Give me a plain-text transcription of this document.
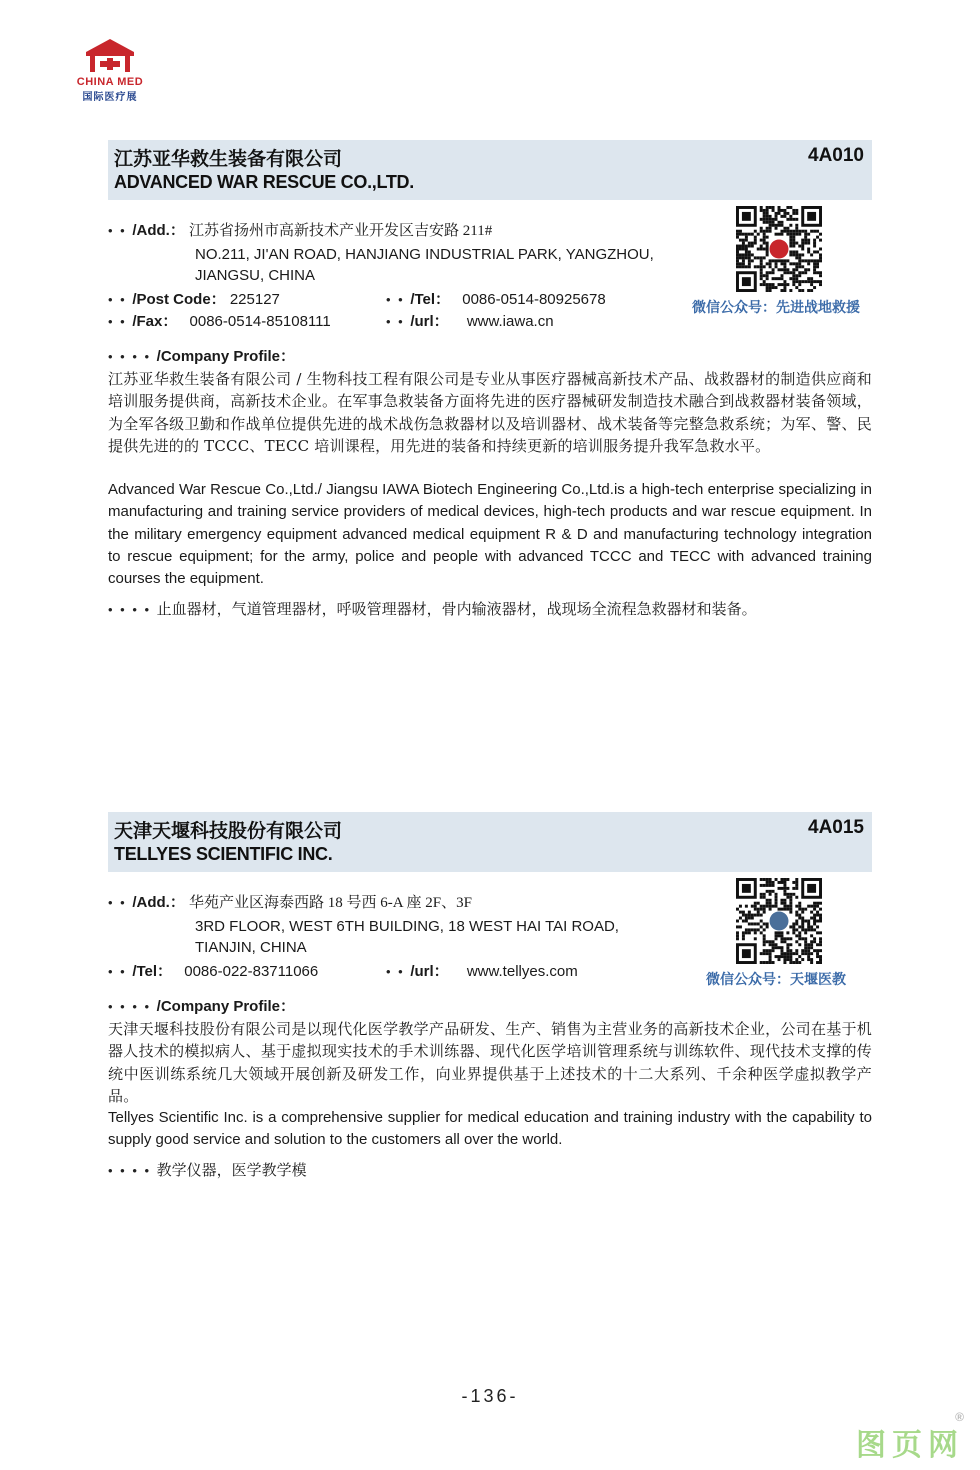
CHINA MED
国际医疗展
江苏亚华救生装备有限公司
ADVANCED WAR RESCUE CO.,LTD.
4A010
• • /Add.： 江苏省扬州市高新技术产业开发区吉安路 211#
NO.211, JI'AN ROAD, HANJIANG INDUSTRIAL PARK, YANGZHOU,
JIANGSU, CHINA
• • /Post Code： 225127	• • /Tel： 0086-0514-80925678
• • /Fax： 0086-0514-85108111	• • /url： www.iawa.cn
微信公众号：先进战地救援
• • • • /Company Profile：
江苏亚华救生装备有限公司 / 生物科技工程有限公司是专业从事医疗器械高新技术产品、战救器材的制造供应商和培训服务提供商，高新技术企业。在军事急救装备方面将先进的医疗器械研发制造技术融合到战救器材装备领域，为全军各级卫勤和作战单位提供先进的战术战伤急救器材以及培训器材、战术装备等完整急救系统；为军、警、民提供先进的的 TCCC、TECC 培训课程，用先进的装备和持续更新的培训服务提升我军急救水平。
Advanced War Rescue Co.,Ltd./ Jiangsu IAWA Biotech Engineering Co.,Ltd.is a high-tech enterprise specializing in manufacturing and training service providers of medical devices, high-tech products and war rescue equipment. In the military emergency equipment advanced medical equipment R & D and manufacturing technology integration to rescue equipment; for the army, police and people with advanced TCCC and TECC with advanced training courses the equipment.
• • • • 止血器材，气道管理器材，呼吸管理器材，骨内输液器材，战现场全流程急救器材和装备。
天津天堰科技股份有限公司
TELLYES SCIENTIFIC INC.
4A015
• • /Add.： 华苑产业区海泰西路 18 号西 6-A 座 2F、3F
3RD FLOOR, WEST 6TH BUILDING, 18 WEST HAI TAI ROAD,
TIANJIN, CHINA
• • /Tel： 0086-022-83711066	• • /url： www.tellyes.com	微信公众号：天堰医教
• • • • /Company Profile：
天津天堰科技股份有限公司是以现代化医学教学产品研发、生产、销售为主营业务的高新技术企业，公司在基于机器人技术的模拟病人、基于虚拟现实技术的手术训练器、现代化医学培训管理系统与训练软件、现代技术支撑的传统中医训练系统几大领域开展创新及研发工作，向业界提供基于上述技术的十二大系列、千余种医学虚拟教学产品。
Tellyes Scientific Inc. is a comprehensive supplier for medical education and training industry with the capability to supply good service and solution to the customers all over the world.
• • • • 教学仪器，医学教学模
-136-
图页网
®
